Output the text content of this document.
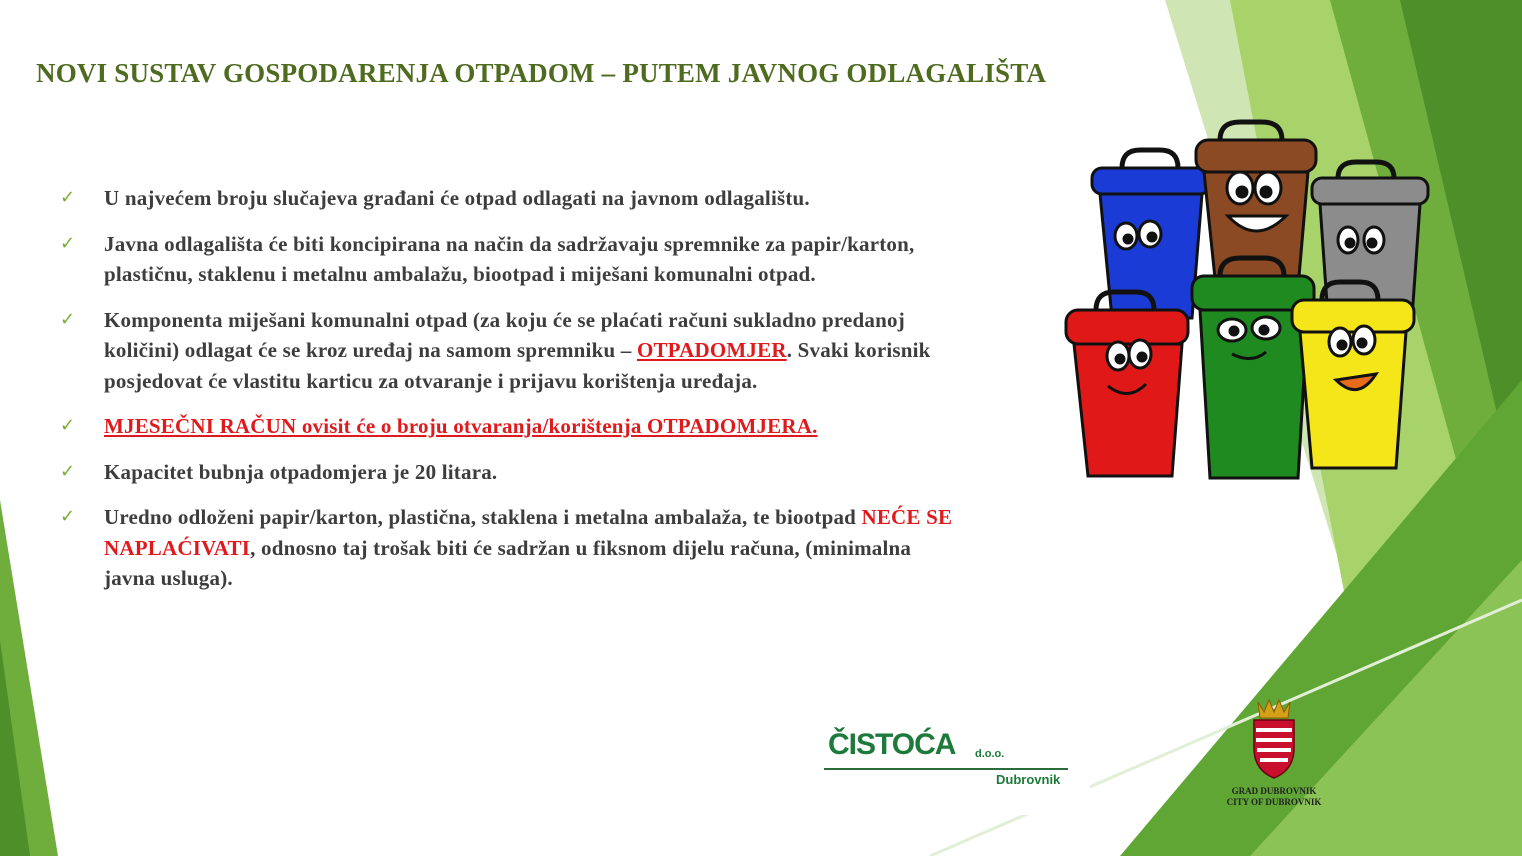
NOVI SUSTAV GOSPODARENJA OTPADOM – PUTEM JAVNOG ODLAGALIŠTA
✓ U najvećem broju slučajeva građani će otpad odlagati na javnom odlagalištu.
✓ Javna odlagališta će biti koncipirana na način da sadržavaju spremnike za papir/karton, plastičnu, staklenu i metalnu ambalažu, biootpad i miješani komunalni otpad.
✓ Komponenta miješani komunalni otpad (za koju će se plaćati računi sukladno predanoj količini) odlagat će se kroz uređaj na samom spremniku – OTPADOMJER. Svaki korisnik posjedovat će vlastitu karticu za otvaranje i prijavu korištenja uređaja.
✓ MJESEČNI RAČUN ovisit će o broju otvaranja/korištenja OTPADOMJERA.
✓ Kapacitet bubnja otpadomjera je 20 litara.
✓ Uredno odloženi papir/karton, plastična, staklena i metalna ambalaža, te biootpad NEĆE SE NAPLAĆIVATI, odnosno taj trošak biti će sadržan u fiksnom dijelu računa, (minimalna javna usluga).
ČISTOĆA d.o.o.
Dubrovnik
GRAD DUBROVNIK
CITY OF DUBROVNIK
